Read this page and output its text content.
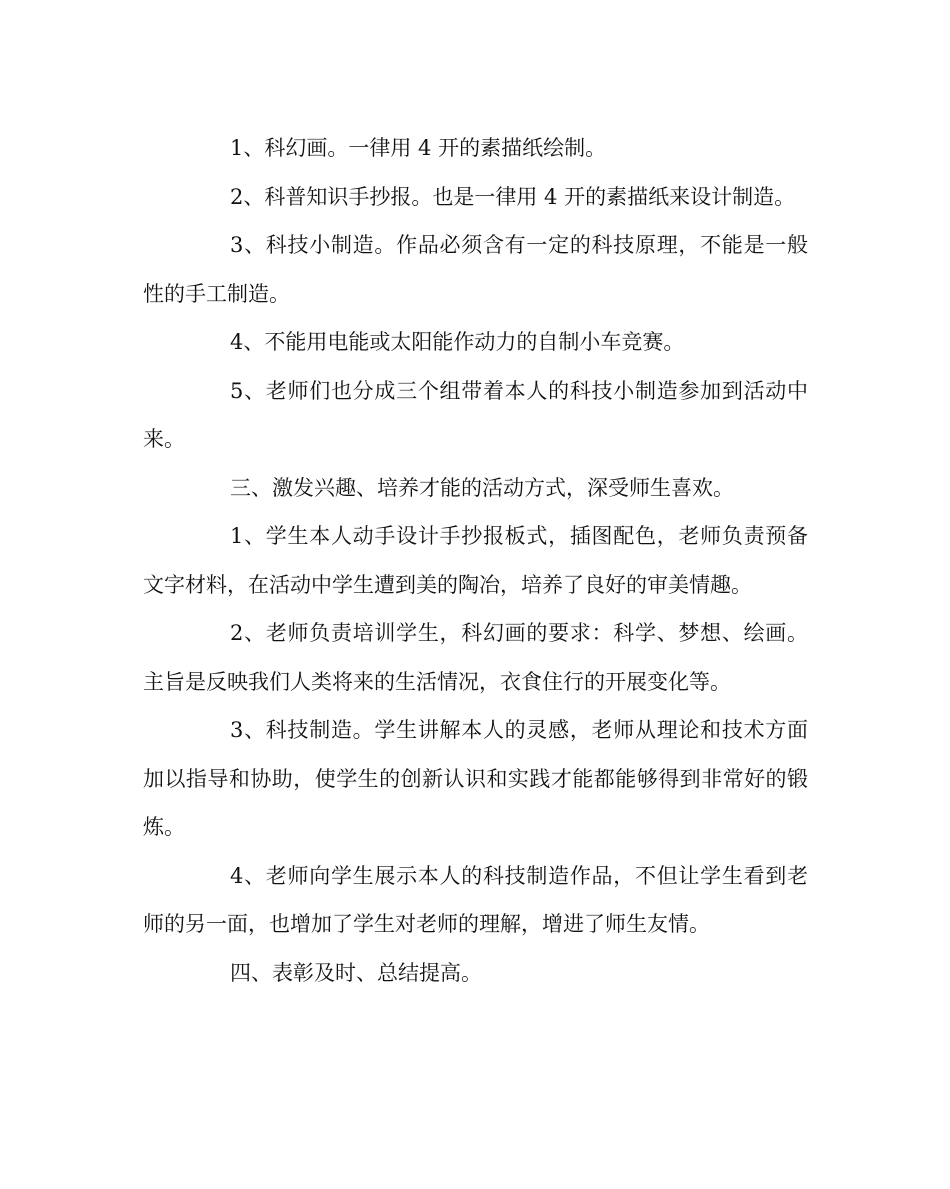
1、科幻画。一律用 4 开的素描纸绘制。

2、科普知识手抄报。也是一律用 4 开的素描纸来设计制造。

3、科技小制造。作品必须含有一定的科技原理，不能是一般性的手工制造。

4、不能用电能或太阳能作动力的自制小车竞赛。

5、老师们也分成三个组带着本人的科技小制造参加到活动中来。

三、激发兴趣、培养才能的活动方式，深受师生喜欢。

1、学生本人动手设计手抄报板式，插图配色，老师负责预备文字材料，在活动中学生遭到美的陶冶，培养了良好的审美情趣。

2、老师负责培训学生，科幻画的要求：科学、梦想、绘画。主旨是反映我们人类将来的生活情况，衣食住行的开展变化等。

3、科技制造。学生讲解本人的灵感，老师从理论和技术方面加以指导和协助，使学生的创新认识和实践才能都能够得到非常好的锻炼。

4、老师向学生展示本人的科技制造作品，不但让学生看到老师的另一面，也增加了学生对老师的理解，增进了师生友情。

四、表彰及时、总结提高。
